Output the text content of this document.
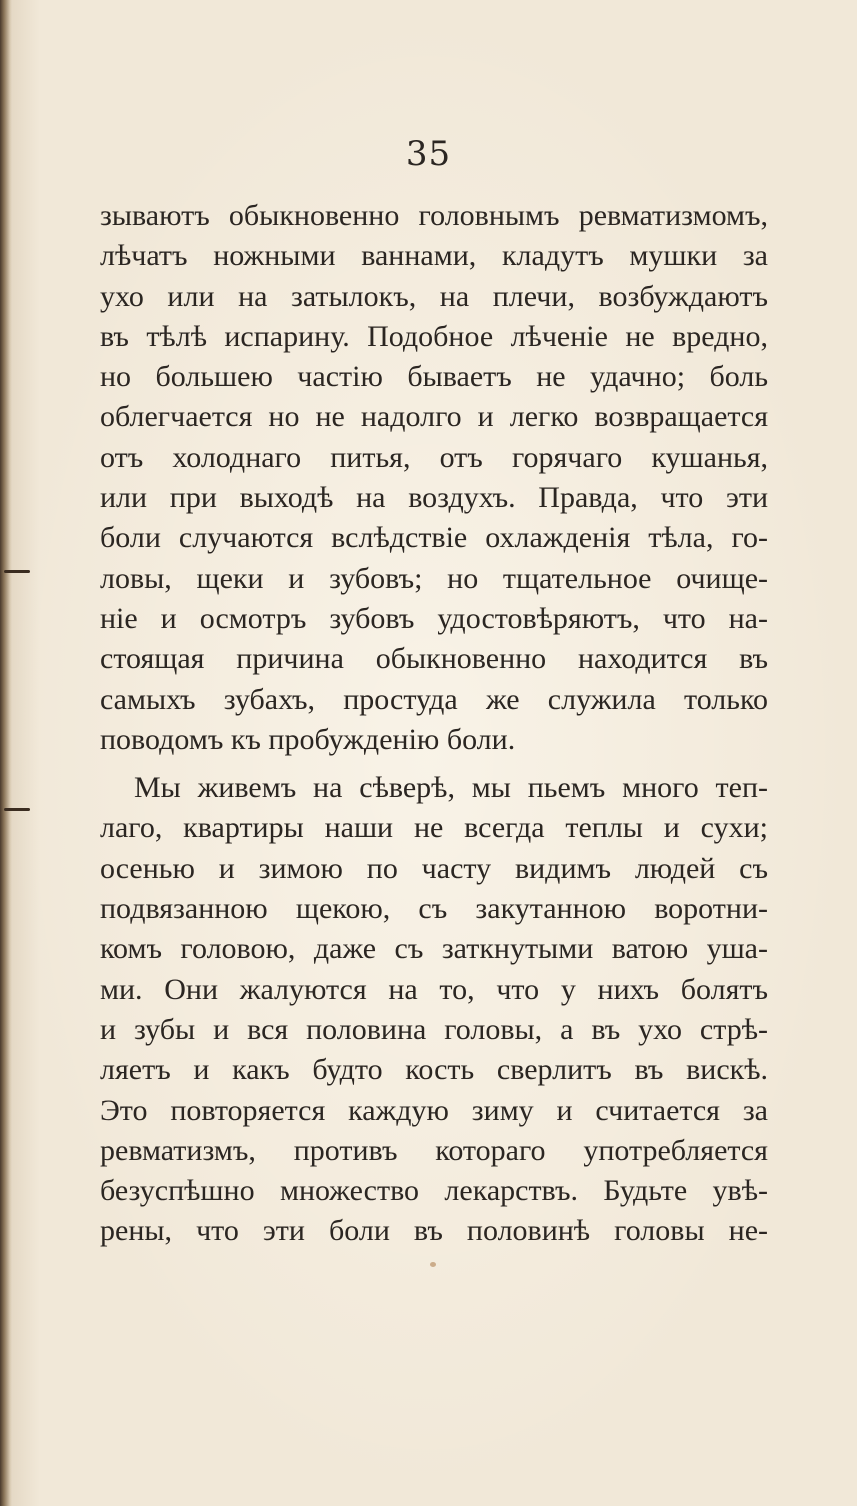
35
зываютъ обыкновенно головнымъ ревматизмомъ,
лѣчатъ ножными ваннами, кладутъ мушки за
ухо или на затылокъ, на плечи, возбуждаютъ
въ тѣлѣ испарину. Подобное лѣченіе не вредно,
но большею частію бываетъ не удачно; боль
облегчается но не надолго и легко возвращается
отъ холоднаго питья, отъ горячаго кушанья,
или при выходѣ на воздухъ. Правда, что эти
боли случаются вслѣдствіе охлажденія тѣла, го-
ловы, щеки и зубовъ; но тщательное очище-
ніе и осмотръ зубовъ удостовѣряютъ, что на-
стоящая причина обыкновенно находится въ
самыхъ зубахъ, простуда же служила только
поводомъ къ пробужденію боли.
Мы живемъ на сѣверѣ, мы пьемъ много теп-
лаго, квартиры наши не всегда теплы и сухи;
осенью и зимою по часту видимъ людей съ
подвязанною щекою, съ закутанною воротни-
комъ головою, даже съ заткнутыми ватою уша-
ми. Они жалуются на то, что у нихъ болятъ
и зубы и вся половина головы, а въ ухо стрѣ-
ляетъ и какъ будто кость сверлитъ въ вискѣ.
Это повторяется каждую зиму и считается за
ревматизмъ, противъ котораго употребляется
безуспѣшно множество лекарствъ. Будьте увѣ-
рены, что эти боли въ половинѣ головы не-
